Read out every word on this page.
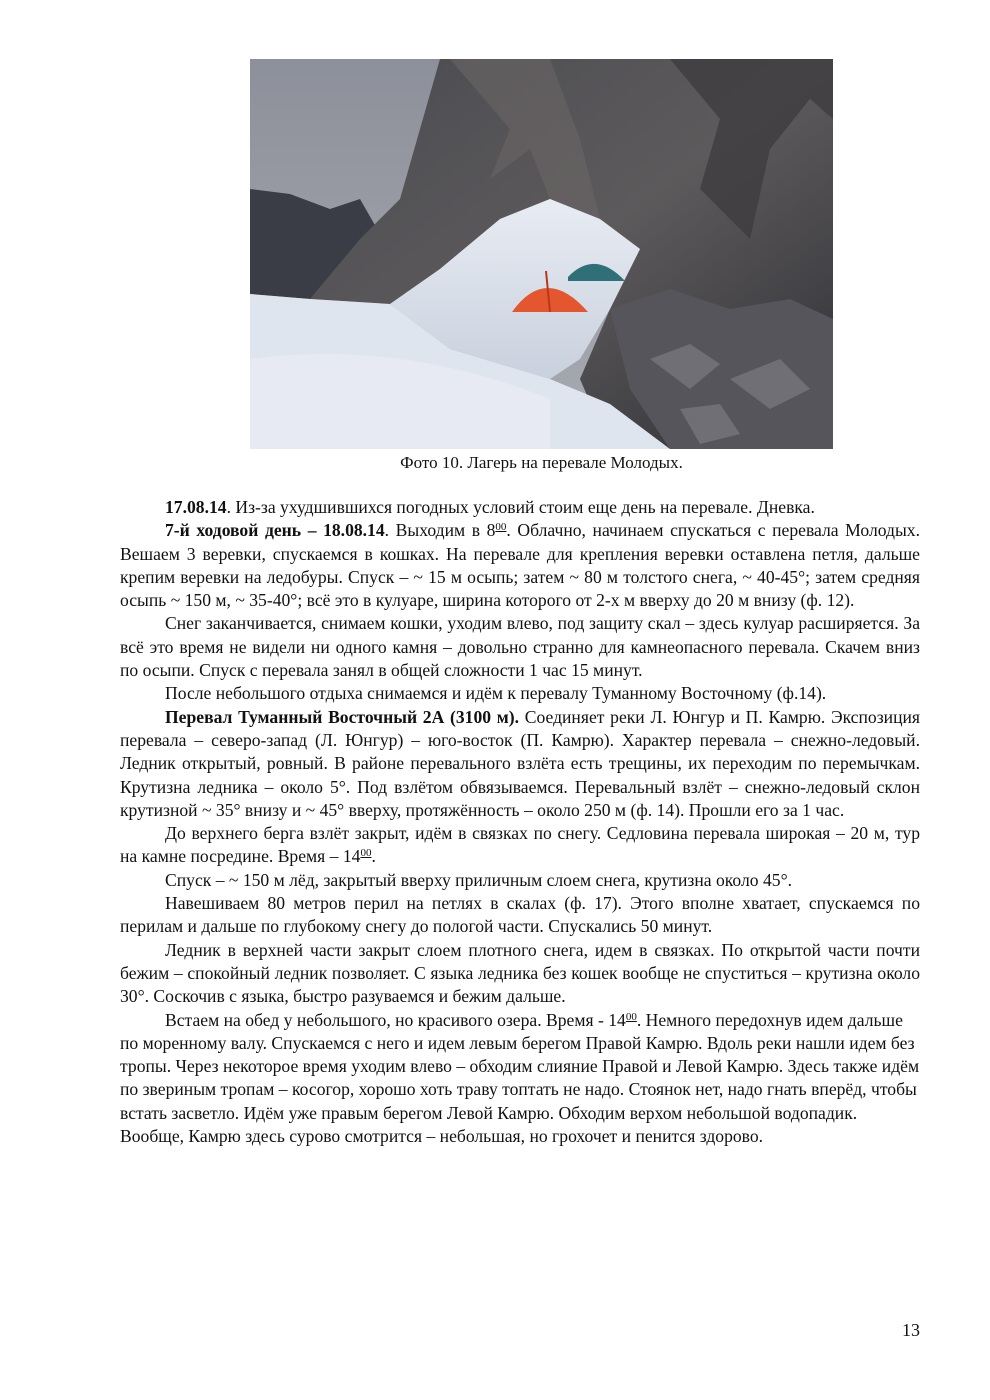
Фото 10. Лагерь на перевале Молодых.

17.08.14. Из-за ухудшившихся погодных условий стоим еще день на перевале. Дневка.

7-й ходовой день – 18.08.14. Выходим в $8^{00}$. Облачно, начинаем спускаться с перевала Молодых. Вешаем 3 веревки, спускаемся в кошках. На перевале для крепления веревки оставлена петля, дальше крепим веревки на ледобуры. Спуск – ~ 15 м осыпь; затем ~ 80 м толстого снега, ~ 40-45°; затем средняя осыпь ~ 150 м, ~ 35-40°; всё это в кулуаре, ширина которого от 2-х м вверху до 20 м внизу (ф. 12).

Снег заканчивается, снимаем кошки, уходим влево, под защиту скал – здесь кулуар расширяется. За всё это время не видели ни одного камня – довольно странно для камнеопасного перевала. Скачем вниз по осыпи. Спуск с перевала занял в общей сложности 1 час 15 минут.

После небольшого отдыха снимаемся и идём к перевалу Туманному Восточному (ф.14).

Перевал Туманный Восточный 2А (3100 м). Соединяет реки Л. Юнгур и П. Камрю. Экспозиция перевала – северо-запад (Л. Юнгур) – юго-восток (П. Камрю). Характер перевала – снежно-ледовый. Ледник открытый, ровный. В районе перевального взлёта есть трещины, их переходим по перемычкам. Крутизна ледника – около 5°. Под взлётом обвязываемся. Перевальный взлёт – снежно-ледовый склон крутизной ~ 35° внизу и ~ 45° вверху, протяжённость – около 250 м (ф. 14). Прошли его за 1 час.

До верхнего берга взлёт закрыт, идём в связках по снегу. Седловина перевала широкая – 20 м, тур на камне посредине. Время – $14^{00}$.

Спуск – ~ 150 м лёд, закрытый вверху приличным слоем снега, крутизна около 45°.

Навешиваем 80 метров перил на петлях в скалах (ф. 17). Этого вполне хватает, спускаемся по перилам и дальше по глубокому снегу до пологой части. Спускались 50 минут.

Ледник в верхней части закрыт слоем плотного снега, идем в связках. По открытой части почти бежим – спокойный ледник позволяет. С языка ледника без кошек вообще не спуститься – крутизна около 30°. Соскочив с языка, быстро разуваемся и бежим дальше.

Встаем на обед у небольшого, но красивого озера. Время - $14^{00}$. Немного передохнув идем дальше по моренному валу. Спускаемся с него и идем левым берегом Правой Камрю. Вдоль реки нашли идем без тропы. Через некоторое время уходим влево – обходим слияние Правой и Левой Камрю. Здесь также идём по звериным тропам – косогор, хорошо хоть траву топтать не надо. Стоянок нет, надо гнать вперёд, чтобы встать засветло. Идём уже правым берегом Левой Камрю. Обходим верхом небольшой водопадик. Вообще, Камрю здесь сурово смотрится – небольшая, но грохочет и пенится здорово.

13
